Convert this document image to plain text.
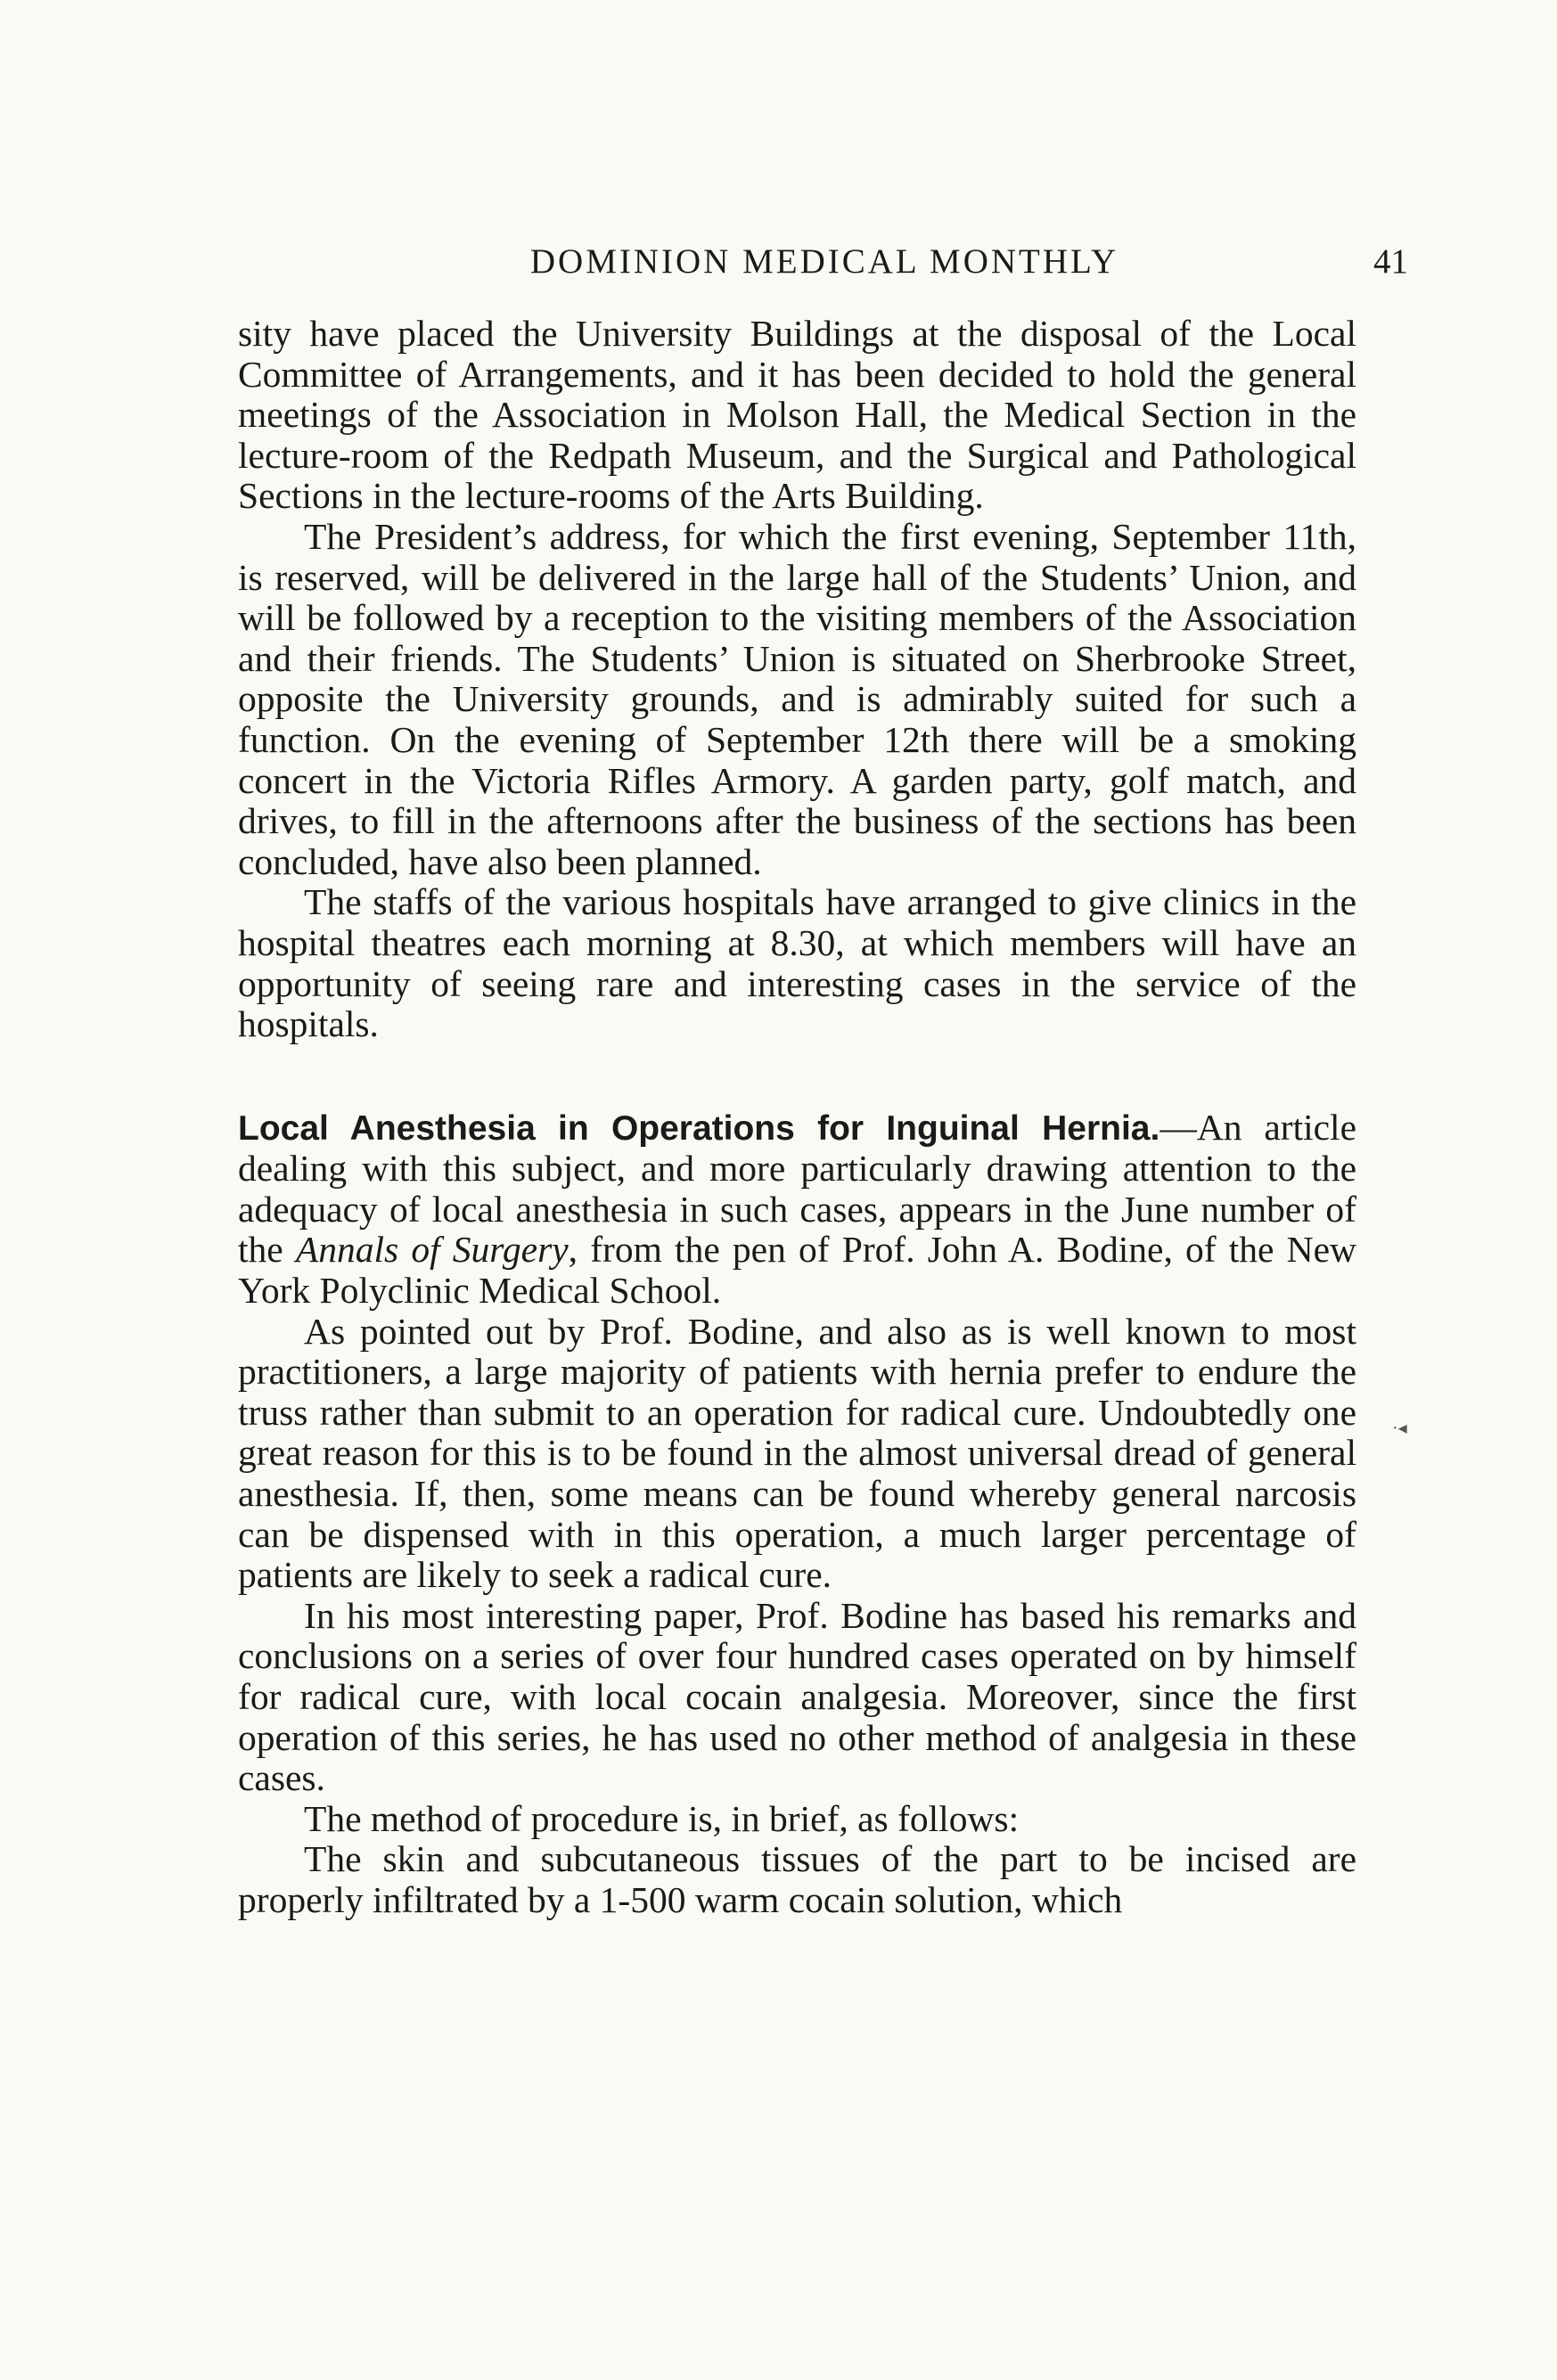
DOMINION MEDICAL MONTHLY	41

sity have placed the University Buildings at the disposal of the Local Committee of Arrangements, and it has been decided to hold the general meetings of the Association in Molson Hall, the Medical Section in the lecture-room of the Redpath Museum, and the Surgical and Pathological Sections in the lecture-rooms of the Arts Building.

The President’s address, for which the first evening, September 11th, is reserved, will be delivered in the large hall of the Students’ Union, and will be followed by a reception to the visiting members of the Association and their friends. The Students’ Union is situated on Sherbrooke Street, opposite the University grounds, and is admirably suited for such a function. On the evening of September 12th there will be a smoking concert in the Victoria Rifles Armory. A garden party, golf match, and drives, to fill in the afternoons after the business of the sections has been concluded, have also been planned.

The staffs of the various hospitals have arranged to give clinics in the hospital theatres each morning at 8.30, at which members will have an opportunity of seeing rare and interesting cases in the service of the hospitals.

Local Anesthesia in Operations for Inguinal Hernia.—An article dealing with this subject, and more particularly drawing attention to the adequacy of local anesthesia in such cases, appears in the June number of the Annals of Surgery, from the pen of Prof. John A. Bodine, of the New York Polyclinic Medical School.

As pointed out by Prof. Bodine, and also as is well known to most practitioners, a large majority of patients with hernia prefer to endure the truss rather than submit to an operation for radical cure. Undoubtedly one great reason for this is to be found in the almost universal dread of general anesthesia. If, then, some means can be found whereby general narcosis can be dispensed with in this operation, a much larger percentage of patients are likely to seek a radical cure.

In his most interesting paper, Prof. Bodine has based his remarks and conclusions on a series of over four hundred cases operated on by himself for radical cure, with local cocain analgesia. Moreover, since the first operation of this series, he has used no other method of analgesia in these cases.

The method of procedure is, in brief, as follows:

The skin and subcutaneous tissues of the part to be incised are properly infiltrated by a 1-500 warm cocain solution, which

·◂
